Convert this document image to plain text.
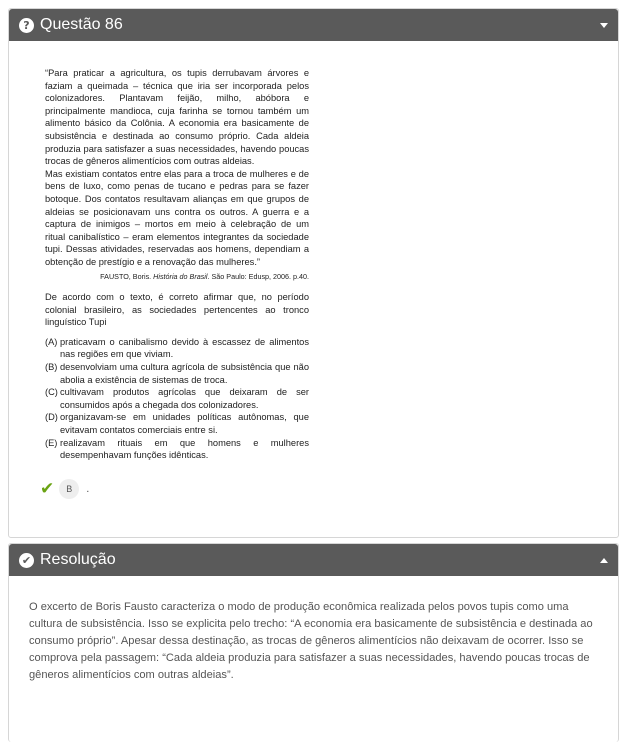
? Questão 86

“Para praticar a agricultura, os tupis derrubavam árvores e faziam a queimada – técnica que iria ser incorporada pelos colonizadores. Plantavam feijão, milho, abóbora e principalmente mandioca, cuja farinha se tornou também um alimento básico da Colônia. A economia era basicamente de subsistência e destinada ao consumo próprio. Cada aldeia produzia para satisfazer a suas necessidades, havendo poucas trocas de gêneros alimentícios com outras aldeias.

Mas existiam contatos entre elas para a troca de mulheres e de bens de luxo, como penas de tucano e pedras para se fazer botoque. Dos contatos resultavam alianças em que grupos de aldeias se posicionavam uns contra os outros. A guerra e a captura de inimigos – mortos em meio à celebração de um ritual canibalístico – eram elementos integrantes da sociedade tupi. Dessas atividades, reservadas aos homens, dependiam a obtenção de prestígio e a renovação das mulheres.”

FAUSTO, Boris. História do Brasil. São Paulo: Edusp, 2006. p.40.

De acordo com o texto, é correto afirmar que, no período colonial brasileiro, as sociedades pertencentes ao tronco linguístico Tupi

(A) praticavam o canibalismo devido à escassez de alimentos nas regiões em que viviam.
(B) desenvolviam uma cultura agrícola de subsistência que não abolia a existência de sistemas de troca.
(C) cultivavam produtos agrícolas que deixaram de ser consumidos após a chegada dos colonizadores.
(D) organizavam-se em unidades políticas autônomas, que evitavam contatos comerciais entre si.
(E) realizavam rituais em que homens e mulheres desempenhavam funções idênticas.
✔	B	.
✔ Resolução

O excerto de Boris Fausto caracteriza o modo de produção econômica realizada pelos povos tupis como uma cultura de subsistência. Isso se explicita pelo trecho: “A economia era basicamente de subsistência e destinada ao consumo próprio”. Apesar dessa destinação, as trocas de gêneros alimentícios não deixavam de ocorrer. Isso se comprova pela passagem: “Cada aldeia produzia para satisfazer a suas necessidades, havendo poucas trocas de gêneros alimentícios com outras aldeias”.
